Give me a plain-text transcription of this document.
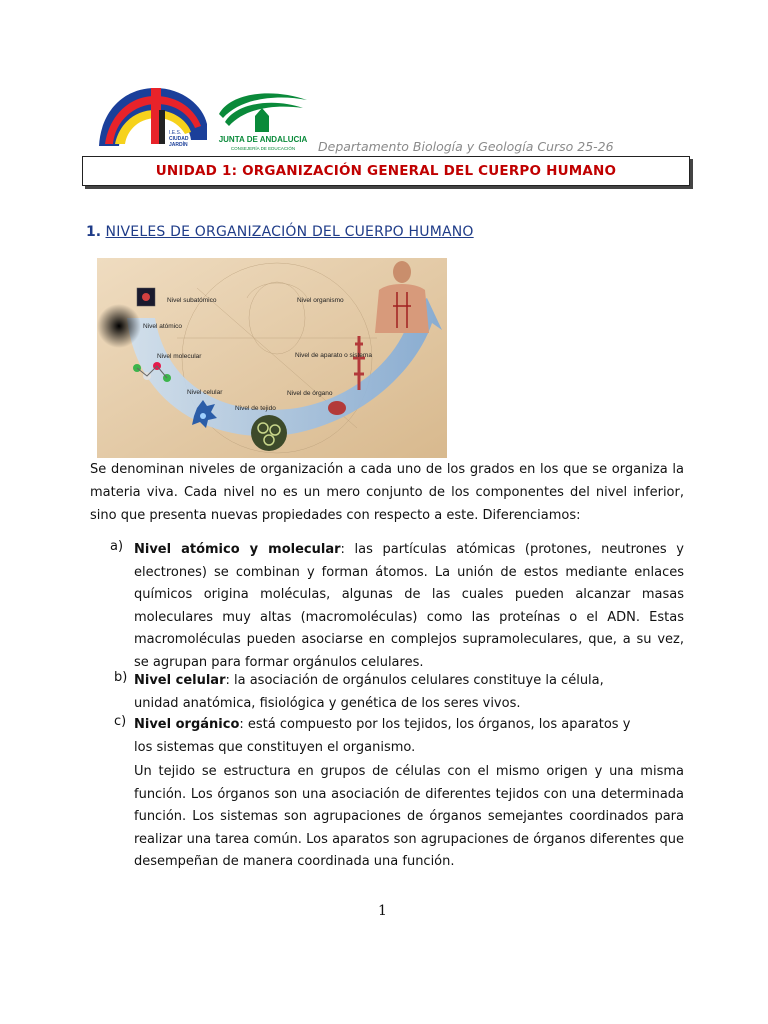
I.E.S.
CIUDAD
JARDÍN
JUNTA DE ANDALUCIA
CONSEJERÍA DE EDUCACIÓN Departamento Biología y Geología Curso 25-26
UNIDAD 1: ORGANIZACIÓN GENERAL DEL CUERPO HUMANO
1. NIVELES DE ORGANIZACIÓN DEL CUERPO HUMANO
Nivel subatómico
Nivel atómico
Nivel molecular
Nivel celular
Nivel de tejido
Nivel de órgano
Nivel de aparato o sistema
Nivel organismo

Se denominan niveles de organización a cada uno de los grados en los que se organiza la materia viva. Cada nivel no es un mero conjunto de los componentes del nivel inferior, sino que presenta nuevas propiedades con respecto a este. Diferenciamos:

a) Nivel atómico y molecular: las partículas atómicas (protones, neutrones y electrones) se combinan y forman átomos. La unión de estos mediante enlaces químicos origina moléculas, algunas de las cuales pueden alcanzar masas moleculares muy altas (macromoléculas) como las proteínas o el ADN. Estas macromoléculas pueden asociarse en complejos supramoleculares, que, a su vez, se agrupan para formar orgánulos celulares.
b) Nivel celular: la asociación de orgánulos celulares constituye la célula, unidad anatómica, fisiológica y genética de los seres vivos.
c) Nivel orgánico: está compuesto por los tejidos, los órganos, los aparatos y los sistemas que constituyen el organismo.
Un tejido se estructura en grupos de células con el mismo origen y una misma función. Los órganos son una asociación de diferentes tejidos con una determinada función. Los sistemas son agrupaciones de órganos semejantes coordinados para realizar una tarea común. Los aparatos son agrupaciones de órganos diferentes que desempeñan de manera coordinada una función.
1
